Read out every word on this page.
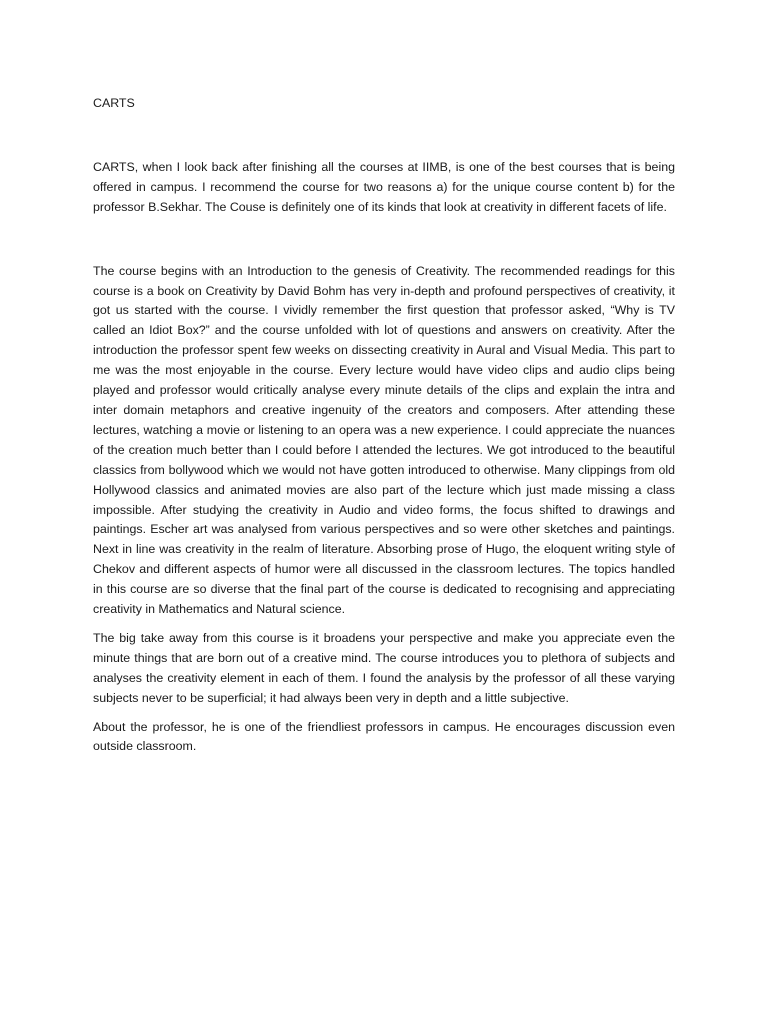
CARTS

CARTS, when I look back after finishing all the courses at IIMB, is one of the best courses that is being offered in campus. I recommend the course for two reasons a) for the unique course content b) for the professor B.Sekhar. The Couse is definitely one of its kinds that look at creativity in different facets of life.

The course begins with an Introduction to the genesis of Creativity. The recommended readings for this course is a book on Creativity by David Bohm has very in-depth and profound perspectives of creativity, it got us started with the course. I vividly remember the first question that professor asked, “Why is TV called an Idiot Box?” and the course unfolded with lot of questions and answers on creativity. After the introduction the professor spent few weeks on dissecting creativity in Aural and Visual Media. This part to me was the most enjoyable in the course. Every lecture would have video clips and audio clips being played and professor would critically analyse every minute details of the clips and explain the intra and inter domain metaphors and creative ingenuity of the creators and composers. After attending these lectures, watching a movie or listening to an opera was a new experience. I could appreciate the nuances of the creation much better than I could before I attended the lectures. We got introduced to the beautiful classics from bollywood which we would not have gotten introduced to otherwise. Many clippings from old Hollywood classics and animated movies are also part of the lecture which just made missing a class impossible. After studying the creativity in Audio and video forms, the focus shifted to drawings and paintings. Escher art was analysed from various perspectives and so were other sketches and paintings. Next in line was creativity in the realm of literature. Absorbing prose of Hugo, the eloquent writing style of Chekov and different aspects of humor were all discussed in the classroom lectures. The topics handled in this course are so diverse that the final part of the course is dedicated to recognising and appreciating creativity in Mathematics and Natural science.

The big take away from this course is it broadens your perspective and make you appreciate even the minute things that are born out of a creative mind. The course introduces you to plethora of subjects and analyses the creativity element in each of them. I found the analysis by the professor of all these varying subjects never to be superficial; it had always been very in depth and a little subjective.

About the professor, he is one of the friendliest professors in campus. He encourages discussion even outside classroom.
